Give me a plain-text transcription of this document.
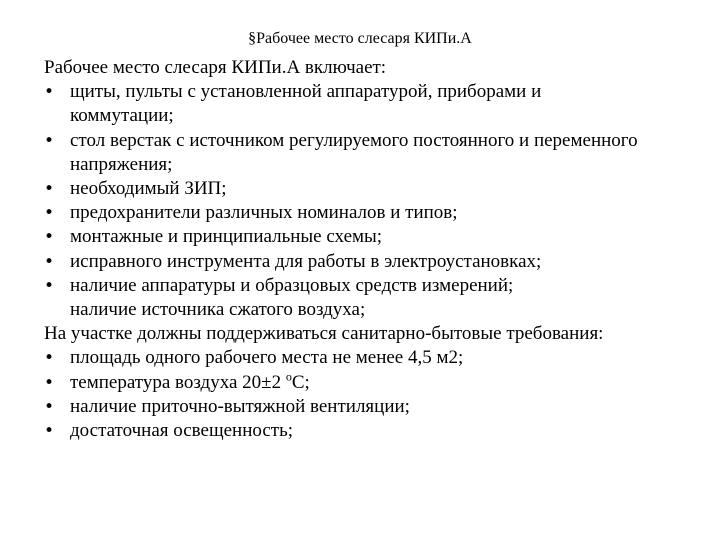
§Рабочее место слесаря КИПи.А
Рабочее место слесаря КИПи.А включает:
• щиты, пульты с установленной аппаратурой, приборами и
коммутации;
• стол верстак с источником регулируемого постоянного и переменного
напряжения;
• необходимый ЗИП;
• предохранители различных номиналов и типов;
• монтажные и принципиальные схемы;
• исправного инструмента для работы в электроустановках;
• наличие аппаратуры и образцовых средств измерений;
наличие источника сжатого воздуха;
На участке должны поддерживаться санитарно-бытовые требования:
• площадь одного рабочего места не менее 4,5 м2;
• температура воздуха 20±2 $^о$С;
• наличие приточно-вытяжной вентиляции;
• достаточная освещенность;
